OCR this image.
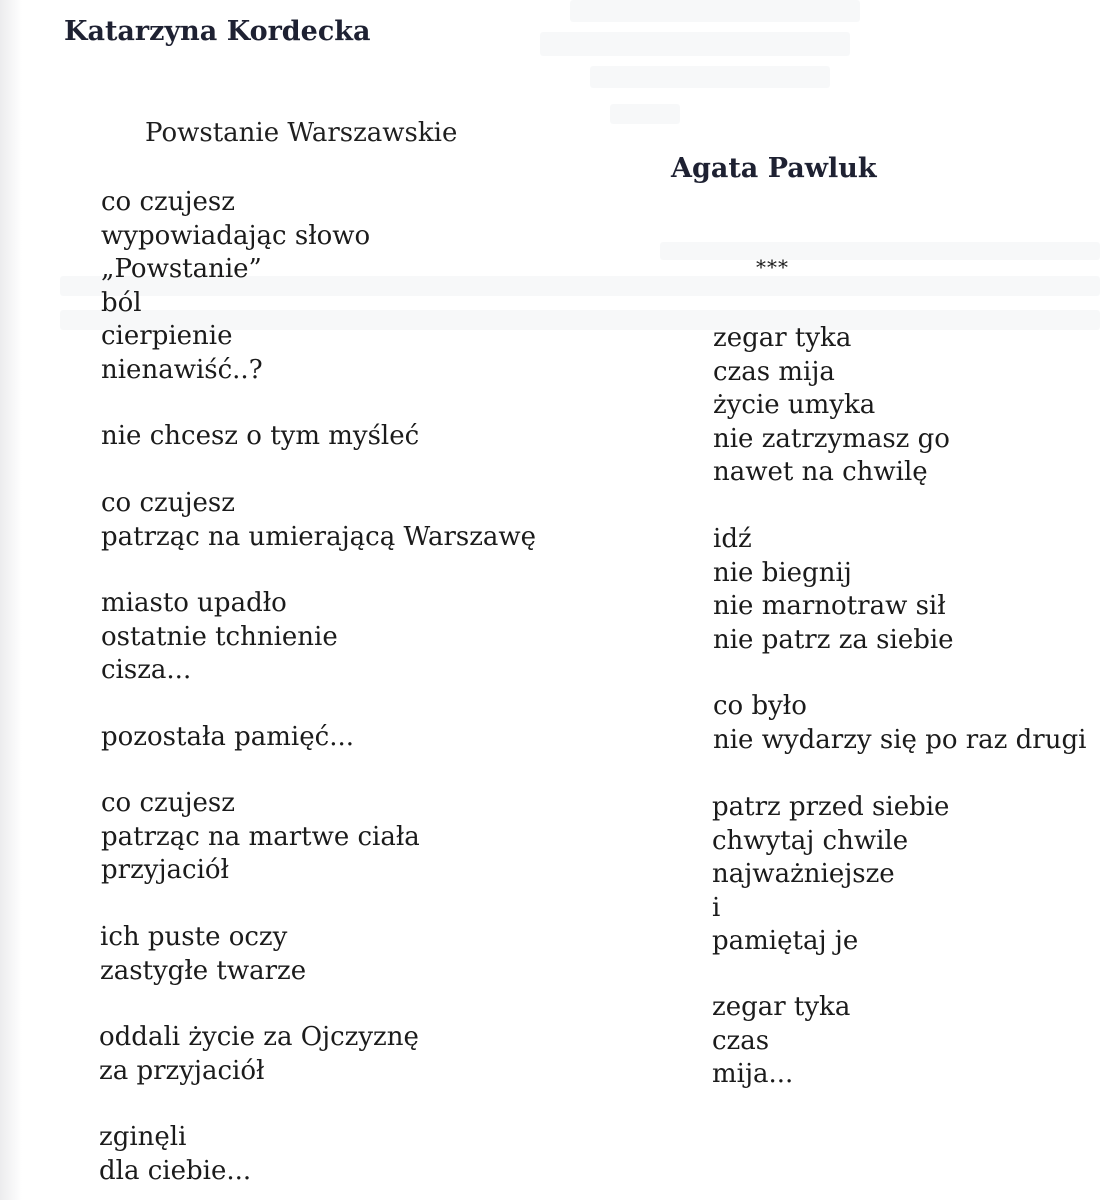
Katarzyna Kordecka
Powstanie Warszawskie
Agata Pawluk
***
co czujesz
wypowiadając słowo
„Powstanie”
ból
cierpienie
nienawiść..?
nie chcesz o tym myśleć
co czujesz
patrząc na umierającą Warszawę
miasto upadło
ostatnie tchnienie
cisza...
pozostała pamięć...
co czujesz
patrząc na martwe ciała
przyjaciół
ich puste oczy
zastygłe twarze
oddali życie za Ojczyznę
za przyjaciół
zginęli
dla ciebie...
zegar tyka
czas mija
życie umyka
nie zatrzymasz go
nawet na chwilę
idź
nie biegnij
nie marnotraw sił
nie patrz za siebie
co było
nie wydarzy się po raz drugi
patrz przed siebie
chwytaj chwile
najważniejsze
i
pamiętaj je
zegar tyka
czas
mija...
